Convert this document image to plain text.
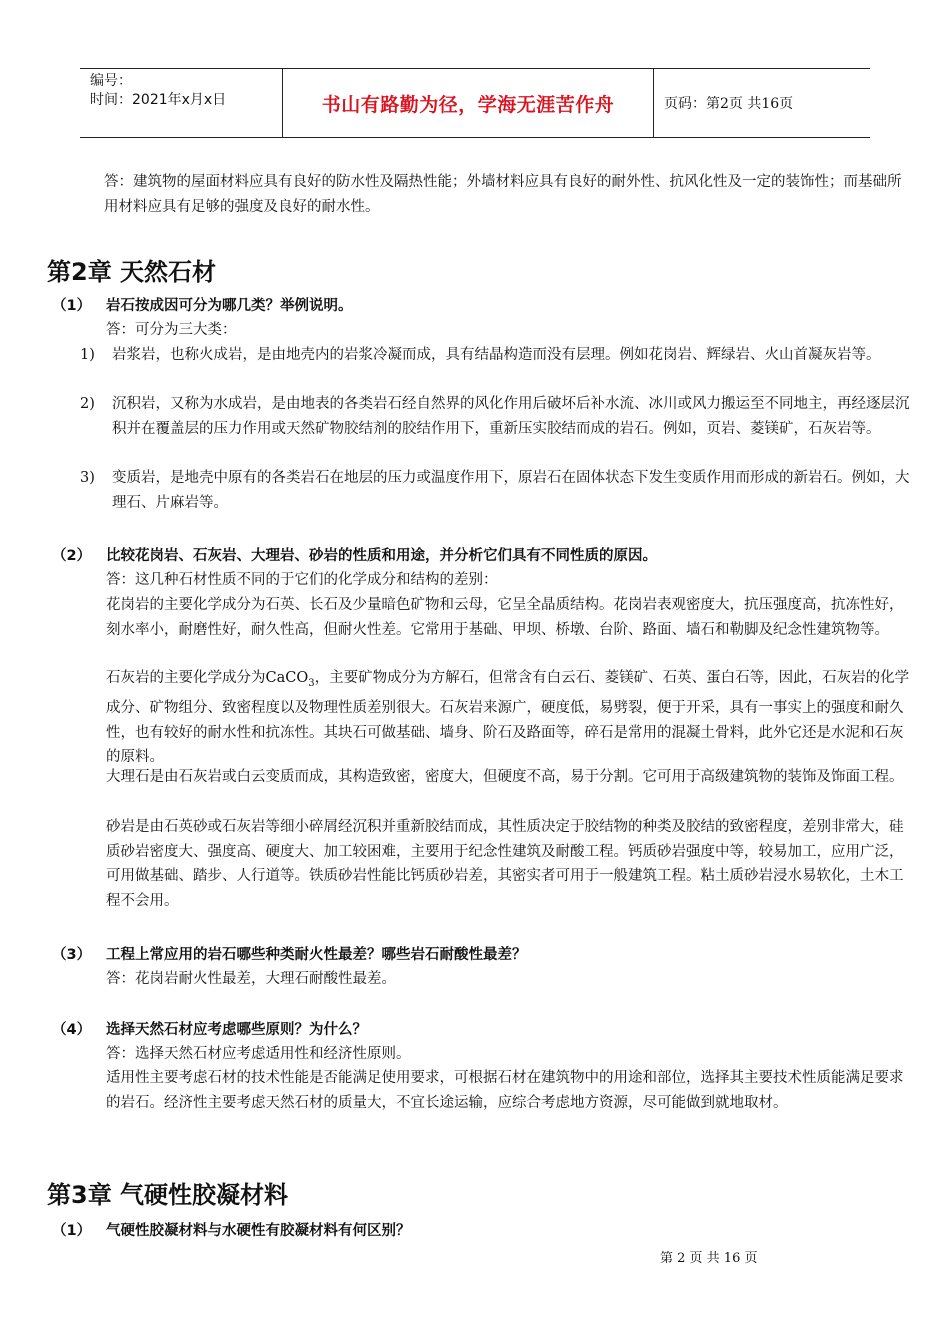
编号：
时间：2021年x月x日	书山有路勤为径，学海无涯苦作舟	页码：第2页 共16页

答：建筑物的屋面材料应具有良好的防水性及隔热性能；外墙材料应具有良好的耐外性、抗风化性及一定的装饰性；而基础所用材料应具有足够的强度及良好的耐水性。

第2章 天然石材
（1） 岩石按成因可分为哪几类？举例说明。

答：可分为三大类：

1) 岩浆岩，也称火成岩，是由地壳内的岩浆冷凝而成，具有结晶构造而没有层理。例如花岗岩、辉绿岩、火山首凝灰岩等。
2) 沉积岩，又称为水成岩，是由地表的各类岩石经自然界的风化作用后破坏后补水流、冰川或风力搬运至不同地主，再经逐层沉积并在覆盖层的压力作用或天然矿物胶结剂的胶结作用下，重新压实胶结而成的岩石。例如，页岩、菱镁矿，石灰岩等。
3) 变质岩，是地壳中原有的各类岩石在地层的压力或温度作用下，原岩石在固体状态下发生变质作用而形成的新岩石。例如，大理石、片麻岩等。
（2） 比较花岗岩、石灰岩、大理岩、砂岩的性质和用途，并分析它们具有不同性质的原因。

答：这几种石材性质不同的于它们的化学成分和结构的差别：

花岗岩的主要化学成分为石英、长石及少量暗色矿物和云母，它呈全晶质结构。花岗岩表观密度大，抗压强度高，抗冻性好，刻水率小，耐磨性好，耐久性高，但耐火性差。它常用于基础、甲坝、桥墩、台阶、路面、墙石和勒脚及纪念性建筑物等。

石灰岩的主要化学成分为CaCO$_3$，主要矿物成分为方解石，但常含有白云石、菱镁矿、石英、蛋白石等，因此，石灰岩的化学成分、矿物组分、致密程度以及物理性质差别很大。石灰岩来源广，硬度低，易劈裂，便于开采，具有一事实上的强度和耐久性，也有较好的耐水性和抗冻性。其块石可做基础、墙身、阶石及路面等，碎石是常用的混凝土骨料，此外它还是水泥和石灰的原料。

大理石是由石灰岩或白云变质而成，其构造致密，密度大，但硬度不高，易于分割。它可用于高级建筑物的装饰及饰面工程。

砂岩是由石英砂或石灰岩等细小碎屑经沉积并重新胶结而成，其性质决定于胶结物的种类及胶结的致密程度，差别非常大，硅质砂岩密度大、强度高、硬度大、加工较困难，主要用于纪念性建筑及耐酸工程。钙质砂岩强度中等，较易加工，应用广泛，可用做基础、踏步、人行道等。铁质砂岩性能比钙质砂岩差，其密实者可用于一般建筑工程。粘土质砂岩浸水易软化，土木工程不会用。

（3） 工程上常应用的岩石哪些种类耐火性最差？哪些岩石耐酸性最差？

答：花岗岩耐火性最差，大理石耐酸性最差。

（4） 选择天然石材应考虑哪些原则？为什么？

答：选择天然石材应考虑适用性和经济性原则。

适用性主要考虑石材的技术性能是否能满足使用要求，可根据石材在建筑物中的用途和部位，选择其主要技术性质能满足要求的岩石。经济性主要考虑天然石材的质量大，不宜长途运输，应综合考虑地方资源，尽可能做到就地取材。

第3章 气硬性胶凝材料
（1） 气硬性胶凝材料与水硬性有胶凝材料有何区别？
第 2 页 共 16 页
